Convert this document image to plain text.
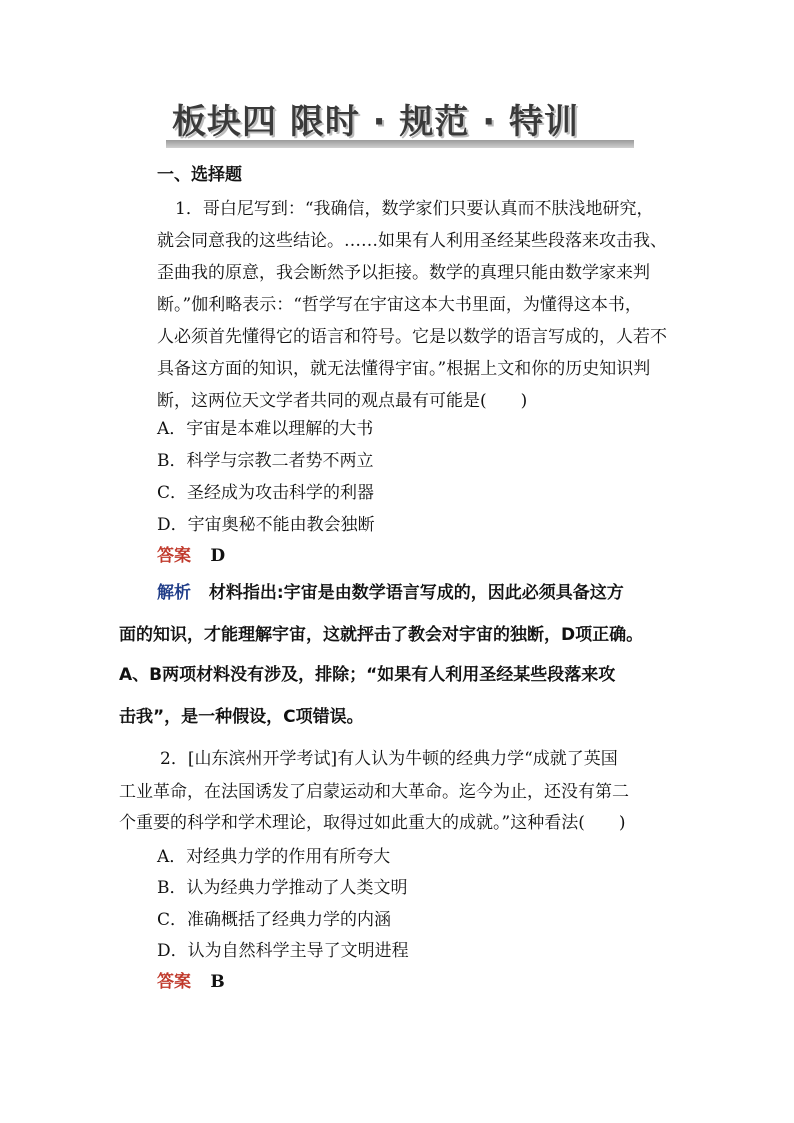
板块四 限时 · 规范 · 特训
一、选择题
1．哥白尼写到：“我确信，数学家们只要认真而不肤浅地研究，
就会同意我的这些结论。……如果有人利用圣经某些段落来攻击我、
歪曲我的原意，我会断然予以拒接。数学的真理只能由数学家来判
断。”伽利略表示：“哲学写在宇宙这本大书里面，为懂得这本书，
人必须首先懂得它的语言和符号。它是以数学的语言写成的，人若不
具备这方面的知识，就无法懂得宇宙。”根据上文和你的历史知识判
断，这两位天文学者共同的观点最有可能是(　　)
A．宇宙是本难以理解的大书
B．科学与宗教二者势不两立
C．圣经成为攻击科学的利器
D．宇宙奥秘不能由教会独断
答案 D
解析 材料指出:宇宙是由数学语言写成的，因此必须具备这方
面的知识，才能理解宇宙，这就抨击了教会对宇宙的独断，D项正确。
A、B两项材料没有涉及，排除；“如果有人利用圣经某些段落来攻
击我”，是一种假设，C项错误。
2．[山东滨州开学考试]有人认为牛顿的经典力学“成就了英国
工业革命，在法国诱发了启蒙运动和大革命。迄今为止，还没有第二
个重要的科学和学术理论，取得过如此重大的成就。”这种看法(　　)
A．对经典力学的作用有所夸大
B．认为经典力学推动了人类文明
C．准确概括了经典力学的内涵
D．认为自然科学主导了文明进程
答案 B
